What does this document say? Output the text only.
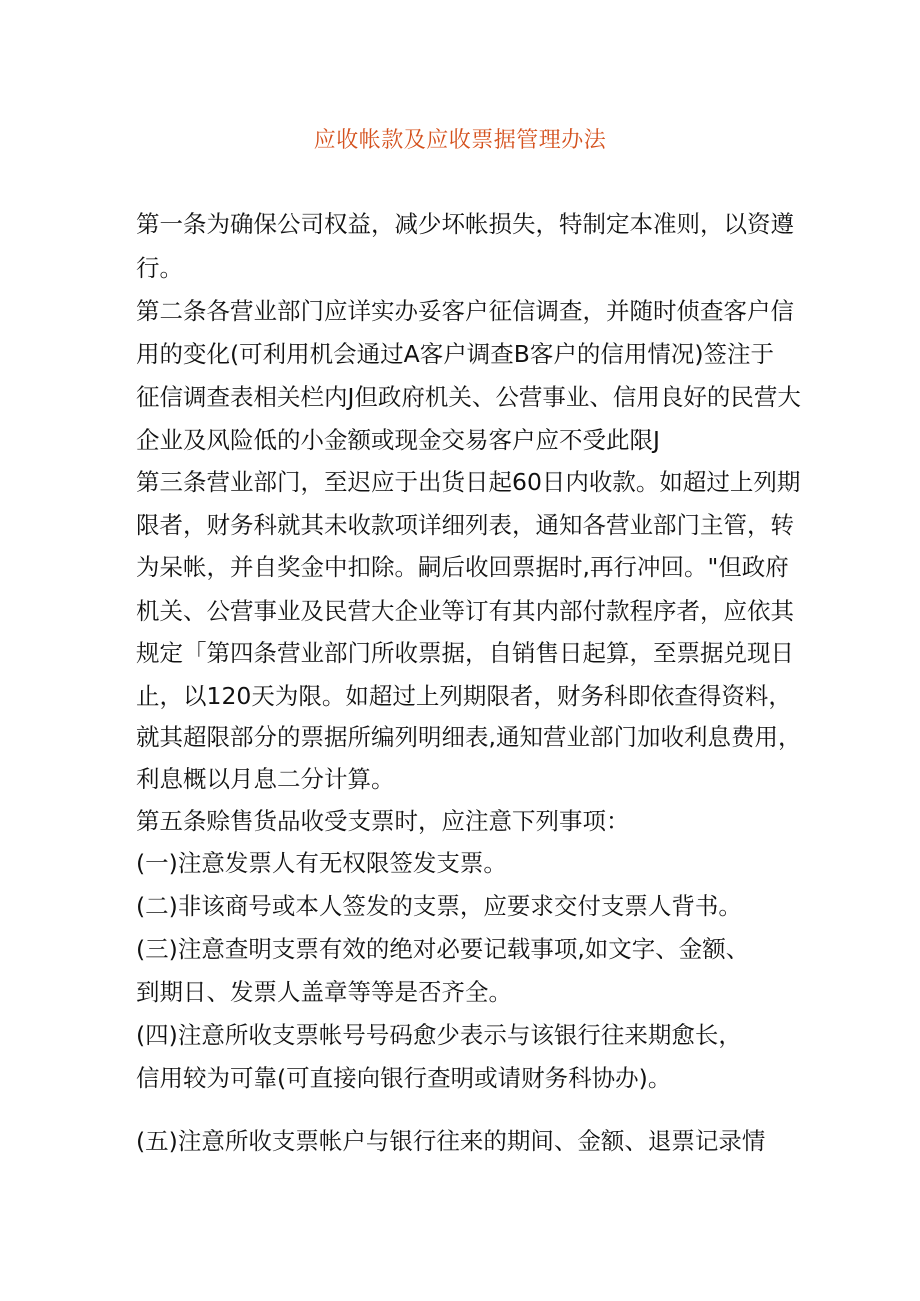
应收帐款及应收票据管理办法
第一条为确保公司权益，减少坏帐损失，特制定本准则，以资遵
行。
第二条各营业部门应详实办妥客户征信调查，并随时侦查客户信
用的变化(可利用机会通过A客户调查B客户的信用情况)签注于
征信调查表相关栏内J但政府机关、公营事业、信用良好的民营大
企业及风险低的小金额或现金交易客户应不受此限J
第三条营业部门，至迟应于出货日起60日内收款。如超过上列期
限者，财务科就其未收款项详细列表，通知各营业部门主管，转
为呆帐，并自奖金中扣除。嗣后收回票据时,再行冲回。"但政府
机关、公营事业及民营大企业等订有其内部付款程序者，应依其
规定「第四条营业部门所收票据，自销售日起算，至票据兑现日
止，以120天为限。如超过上列期限者，财务科即依查得资料，
就其超限部分的票据所编列明细表,通知营业部门加收利息费用，
利息概以月息二分计算。
第五条赊售货品收受支票时，应注意下列事项：
(一)注意发票人有无权限签发支票。
(二)非该商号或本人签发的支票，应要求交付支票人背书。
(三)注意查明支票有效的绝对必要记载事项,如文字、金额、
到期日、发票人盖章等等是否齐全。
(四)注意所收支票帐号号码愈少表示与该银行往来期愈长，
信用较为可靠(可直接向银行查明或请财务科协办)。
(五)注意所收支票帐户与银行往来的期间、金额、退票记录情
